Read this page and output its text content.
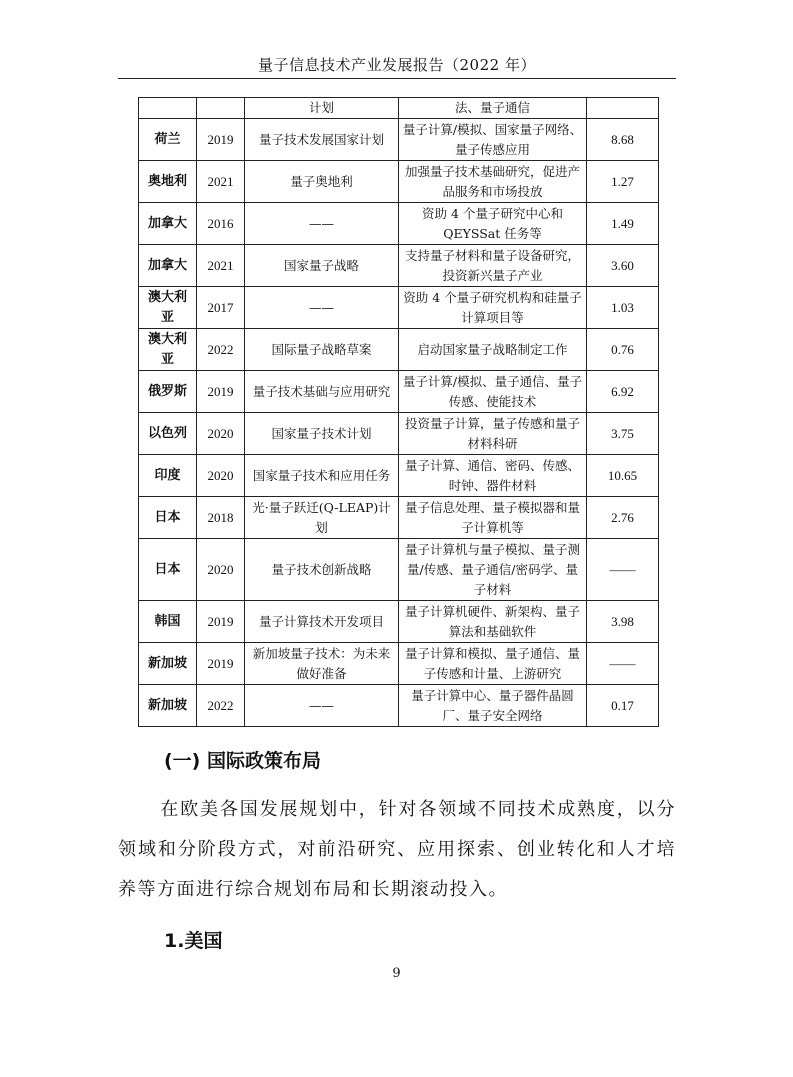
量子信息技术产业发展报告（2022 年）
		计划	法、量子通信	
荷兰	2019	量子技术发展国家计划	量子计算/模拟、国家量子网络、量子传感应用	8.68
奥地利	2021	量子奥地利	加强量子技术基础研究，促进产品服务和市场投放	1.27
加拿大	2016	——	资助 4 个量子研究中心和 QEYSSat 任务等	1.49
加拿大	2021	国家量子战略	支持量子材料和量子设备研究，投资新兴量子产业	3.60
澳大利亚	2017	——	资助 4 个量子研究机构和硅量子计算项目等	1.03
澳大利亚	2022	国际量子战略草案	启动国家量子战略制定工作	0.76
俄罗斯	2019	量子技术基础与应用研究	量子计算/模拟、量子通信、量子传感、使能技术	6.92
以色列	2020	国家量子技术计划	投资量子计算，量子传感和量子材料科研	3.75
印度	2020	国家量子技术和应用任务	量子计算、通信、密码、传感、时钟、器件材料	10.65
日本	2018	光·量子跃迁(Q-LEAP)计划	量子信息处理、量子模拟器和量子计算机等	2.76
日本	2020	量子技术创新战略	量子计算机与量子模拟、量子测量/传感、量子通信/密码学、量子材料	——
韩国	2019	量子计算技术开发项目	量子计算机硬件、新架构、量子算法和基础软件	3.98
新加坡	2019	新加坡量子技术：为未来做好准备	量子计算和模拟、量子通信、量子传感和计量、上游研究	——
新加坡	2022	——	量子计算中心、量子器件晶圆厂、量子安全网络	0.17
(一) 国际政策布局
在欧美各国发展规划中，针对各领域不同技术成熟度，以分领域和分阶段方式，对前沿研究、应用探索、创业转化和人才培养等方面进行综合规划布局和长期滚动投入。
1.美国
9
